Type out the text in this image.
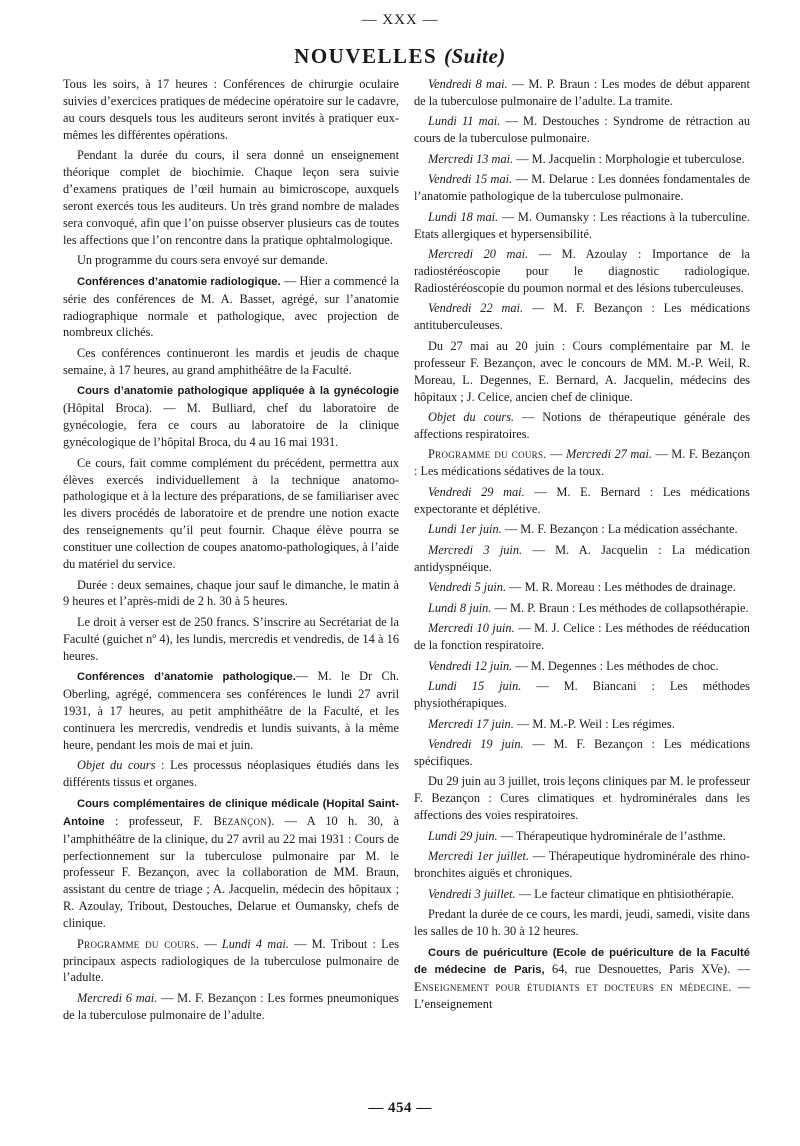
— XXX —
NOUVELLES (Suite)

Tous les soirs, à 17 heures : Conférences de chirurgie oculaire suivies d’exercices pratiques de médecine opératoire sur le cadavre, au cours desquels tous les auditeurs seront invités à pratiquer eux-mêmes les différentes opérations.

Pendant la durée du cours, il sera donné un enseignement théorique complet de biochimie. Chaque leçon sera suivie d’examens pratiques de l’œil humain au bimicroscope, auxquels seront exercés tous les auditeurs. Un très grand nombre de malades sera convoqué, afin que l’on puisse observer plusieurs cas de toutes les affections que l’on rencontre dans la pratique ophtalmologique.

Un programme du cours sera envoyé sur demande.

Conférences d’anatomie radiologique. — Hier a commencé la série des conférences de M. A. Basset, agrégé, sur l’anatomie radiographique normale et pathologique, avec projection de nombreux clichés.

Ces conférences continueront les mardis et jeudis de chaque semaine, à 17 heures, au grand amphithéâtre de la Faculté.

Cours d’anatomie pathologique appliquée à la gynécologie (Hôpital Broca). — M. Bulliard, chef du laboratoire de gynécologie, fera ce cours au laboratoire de la clinique gynécologique de l’hôpital Broca, du 4 au 16 mai 1931.

Ce cours, fait comme complément du précédent, permettra aux élèves exercés individuellement à la technique anatomo-pathologique et à la lecture des préparations, de se familiariser avec les divers procédés de laboratoire et de prendre une notion exacte des renseignements qu’il peut fournir. Chaque élève pourra se constituer une collection de coupes anatomo-pathologiques, à l’aide du matériel du service.

Durée : deux semaines, chaque jour sauf le dimanche, le matin à 9 heures et l’après-midi de 2 h. 30 à 5 heures.

Le droit à verser est de 250 francs. S’inscrire au Secrétariat de la Faculté (guichet nº 4), les lundis, mercredis et vendredis, de 14 à 16 heures.

Conférences d’anatomie pathologique.— M. le Dr Ch. Oberling, agrégé, commencera ses conférences le lundi 27 avril 1931, à 17 heures, au petit amphithéâtre de la Faculté, et les continuera les mercredis, vendredis et lundis suivants, à la même heure, pendant les mois de mai et juin.

Objet du cours : Les processus néoplasiques étudiés dans les différents tissus et organes.

Cours complémentaires de clinique médicale (Hopital Saint-Antoine : professeur, F. Bezançon). — A 10 h. 30, à l’amphithéâtre de la clinique, du 27 avril au 22 mai 1931 : Cours de perfectionnement sur la tuberculose pulmonaire par M. le professeur F. Bezançon, avec la collaboration de MM. Braun, assistant du centre de triage ; A. Jacquelin, médecin des hôpitaux ; R. Azoulay, Tribout, Destouches, Delarue et Oumansky, chefs de clinique.

Programme du cours. — Lundi 4 mai. — M. Tribout : Les principaux aspects radiologiques de la tuberculose pulmonaire de l’adulte.

Mercredi 6 mai. — M. F. Bezançon : Les formes pneumoniques de la tuberculose pulmonaire de l’adulte.

Vendredi 8 mai. — M. P. Braun : Les modes de début apparent de la tuberculose pulmonaire de l’adulte. La tramite.

Lundi 11 mai. — M. Destouches : Syndrome de rétraction au cours de la tuberculose pulmonaire.

Mercredi 13 mai. — M. Jacquelin : Morphologie et tuberculose.

Vendredi 15 mai. — M. Delarue : Les données fondamentales de l’anatomie pathologique de la tuberculose pulmonaire.

Lundi 18 mai. — M. Oumansky : Les réactions à la tuberculine. Etats allergiques et hypersensibilité.

Mercredi 20 mai. — M. Azoulay : Importance de la radiostéréoscopie pour le diagnostic radiologique. Radiostéréoscopie du poumon normal et des lésions tuberculeuses.

Vendredi 22 mai. — M. F. Bezançon : Les médications antituberculeuses.

Du 27 mai au 20 juin : Cours complémentaire par M. le professeur F. Bezançon, avec le concours de MM. M.-P. Weil, R. Moreau, L. Degennes, E. Bernard, A. Jacquelin, médecins des hôpitaux ; J. Celice, ancien chef de clinique.

Objet du cours. — Notions de thérapeutique générale des affections respiratoires.

Programme du cours. — Mercredi 27 mai. — M. F. Bezançon : Les médications sédatives de la toux.

Vendredi 29 mai. — M. E. Bernard : Les médications expectorante et déplétive.

Lundi 1er juin. — M. F. Bezançon : La médication asséchante.

Mercredi 3 juin. — M. A. Jacquelin : La médication antidyspnéique.

Vendredi 5 juin. — M. R. Moreau : Les méthodes de drainage.

Lundi 8 juin. — M. P. Braun : Les méthodes de collapsothérapie.

Mercredi 10 juin. — M. J. Celice : Les méthodes de rééducation de la fonction respiratoire.

Vendredi 12 juin. — M. Degennes : Les méthodes de choc.

Lundi 15 juin. — M. Biancani : Les méthodes physiothérapiques.

Mercredi 17 juin. — M. M.-P. Weil : Les régimes.

Vendredi 19 juin. — M. F. Bezançon : Les médications spécifiques.

Du 29 juin au 3 juillet, trois leçons cliniques par M. le professeur F. Bezançon : Cures climatiques et hydrominérales dans les affections des voies respiratoires.

Lundi 29 juin. — Thérapeutique hydrominérale de l’asthme.

Mercredi 1er juillet. — Thérapeutique hydrominérale des rhino-bronchites aiguës et chroniques.

Vendredi 3 juillet. — Le facteur climatique en phtisiothérapie.

Predant la durée de ce cours, les mardi, jeudi, samedi, visite dans les salles de 10 h. 30 à 12 heures.

Cours de puériculture (Ecole de puériculture de la Faculté de médecine de Paris, 64, rue Desnouettes, Paris XVe). — Enseignement pour étudiants et docteurs en médecine. — L’enseignement

— 454 —
